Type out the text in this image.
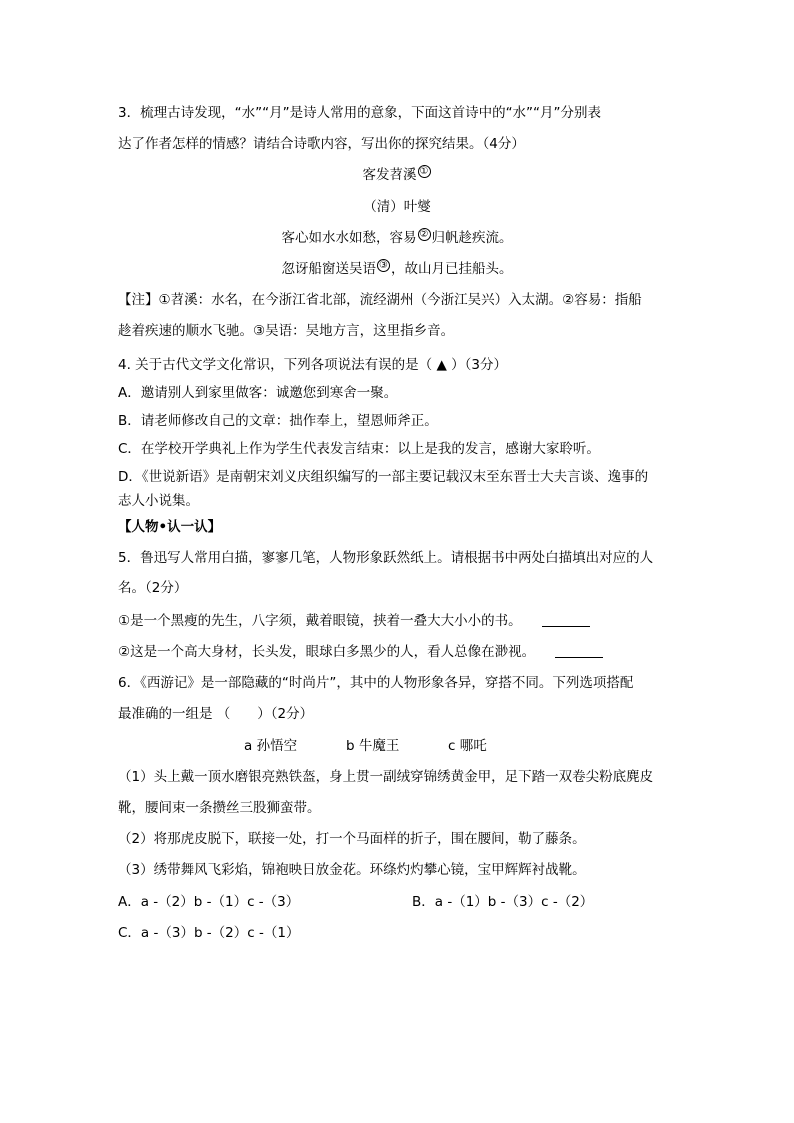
3．梳理古诗发现，“水”“月”是诗人常用的意象，下面这首诗中的“水”“月”分别表
达了作者怎样的情感？请结合诗歌内容，写出你的探究结果。（4分）
客发苕溪 ①
（清）叶燮
客心如水水如愁，容易 ② 归帆趁疾流。
忽讶船窗送吴语 ③ ，故山月已挂船头。
【注】①苕溪：水名，在今浙江省北部，流经湖州（今浙江吴兴）入太湖。②容易：指船
趁着疾速的顺水飞驰。③吴语：吴地方言，这里指乡音。
4. 关于古代文学文化常识，下列各项说法有误的是（ ▲ ）（3分）
A．邀请别人到家里做客：诚邀您到寒舍一聚。
B．请老师修改自己的文章：拙作奉上，望恩师斧正。
C．在学校开学典礼上作为学生代表发言结束：以上是我的发言，感谢大家聆听。
D．《世说新语》是南朝宋刘义庆组织编写的一部主要记载汉末至东晋士大夫言谈、逸事的
志人小说集。
【人物•认一认】
5．鲁迅写人常用白描，寥寥几笔，人物形象跃然纸上。请根据书中两处白描填出对应的人
名。（2分）
①是一个黑瘦的先生，八字须，戴着眼镜，挟着一叠大大小小的书。
②这是一个高大身材，长头发，眼球白多黑少的人，看人总像在渺视。
6．《西游记》是一部隐藏的“时尚片”，其中的人物形象各异，穿搭不同。下列选项搭配
最准确的一组是 （　　）（2分）
a 孙悟空	b 牛魔王	c 哪吒
（1）头上戴一顶水磨银亮熟铁盔，身上贯一副绒穿锦绣黄金甲，足下踏一双卷尖粉底麂皮
靴，腰间束一条攒丝三股狮蛮带。
（2）将那虎皮脱下，联接一处，打一个马面样的折子，围在腰间，勒了藤条。
（3）绣带舞风飞彩焰，锦袍映日放金花。环绦灼灼攀心镜，宝甲辉辉衬战靴。
A．a -（2）b -（1）c -（3）	B．a -（1）b -（3）c -（2）
C．a -（3）b -（2）c -（1）
